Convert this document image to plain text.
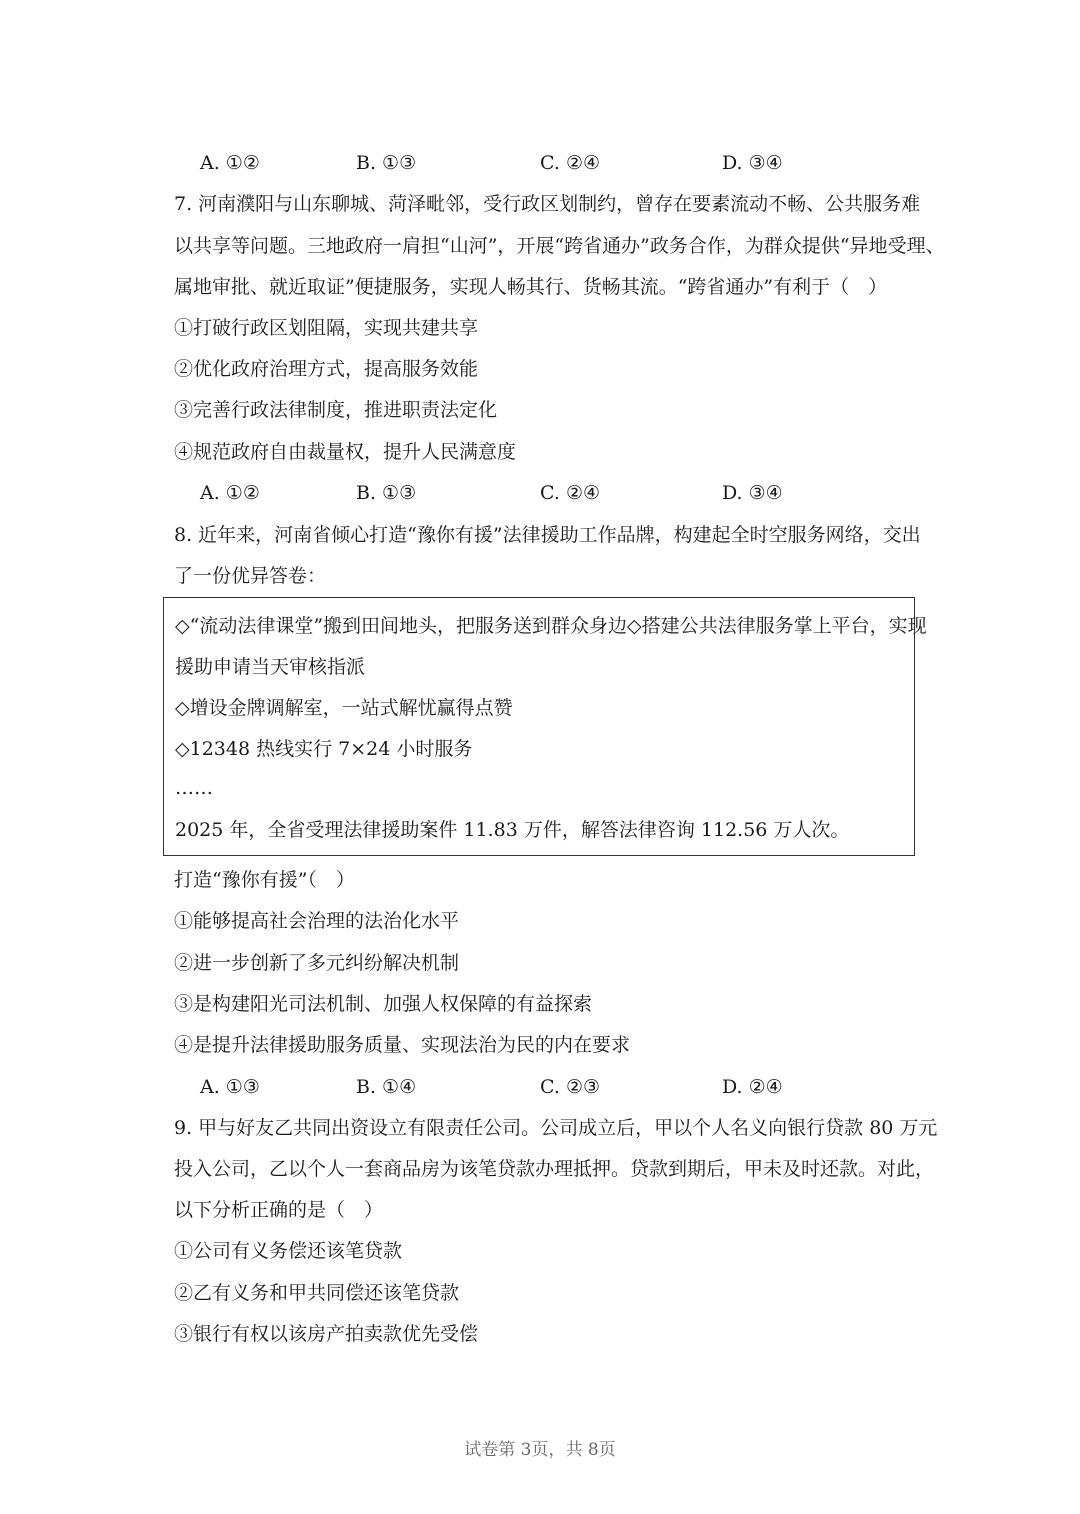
A. ①②	B. ①③	C. ②④	D. ③④
7. 河南濮阳与山东聊城、菏泽毗邻，受行政区划制约，曾存在要素流动不畅、公共服务难
以共享等问题。三地政府一肩担“山河”，开展“跨省通办”政务合作，为群众提供“异地受理、
属地审批、就近取证”便捷服务，实现人畅其行、货畅其流。“跨省通办”有利于（　）
①打破行政区划阻隔，实现共建共享
②优化政府治理方式，提高服务效能
③完善行政法律制度，推进职责法定化
④规范政府自由裁量权，提升人民满意度
A. ①②	B. ①③	C. ②④	D. ③④
8. 近年来，河南省倾心打造“豫你有援”法律援助工作品牌，构建起全时空服务网络，交出
了一份优异答卷：
◇“流动法律课堂”搬到田间地头，把服务送到群众身边◇搭建公共法律服务掌上平台，实现
援助申请当天审核指派
◇增设金牌调解室，一站式解忧赢得点赞
◇12348 热线实行 7×24 小时服务
……
2025 年，全省受理法律援助案件 11.83 万件，解答法律咨询 112.56 万人次。
打造“豫你有援”（　）
①能够提高社会治理的法治化水平
②进一步创新了多元纠纷解决机制
③是构建阳光司法机制、加强人权保障的有益探索
④是提升法律援助服务质量、实现法治为民的内在要求
A. ①③	B. ①④	C. ②③	D. ②④
9. 甲与好友乙共同出资设立有限责任公司。公司成立后，甲以个人名义向银行贷款 80 万元
投入公司，乙以个人一套商品房为该笔贷款办理抵押。贷款到期后，甲未及时还款。对此，
以下分析正确的是（　）
①公司有义务偿还该笔贷款
②乙有义务和甲共同偿还该笔贷款
③银行有权以该房产拍卖款优先受偿
试卷第 3页，共 8页
